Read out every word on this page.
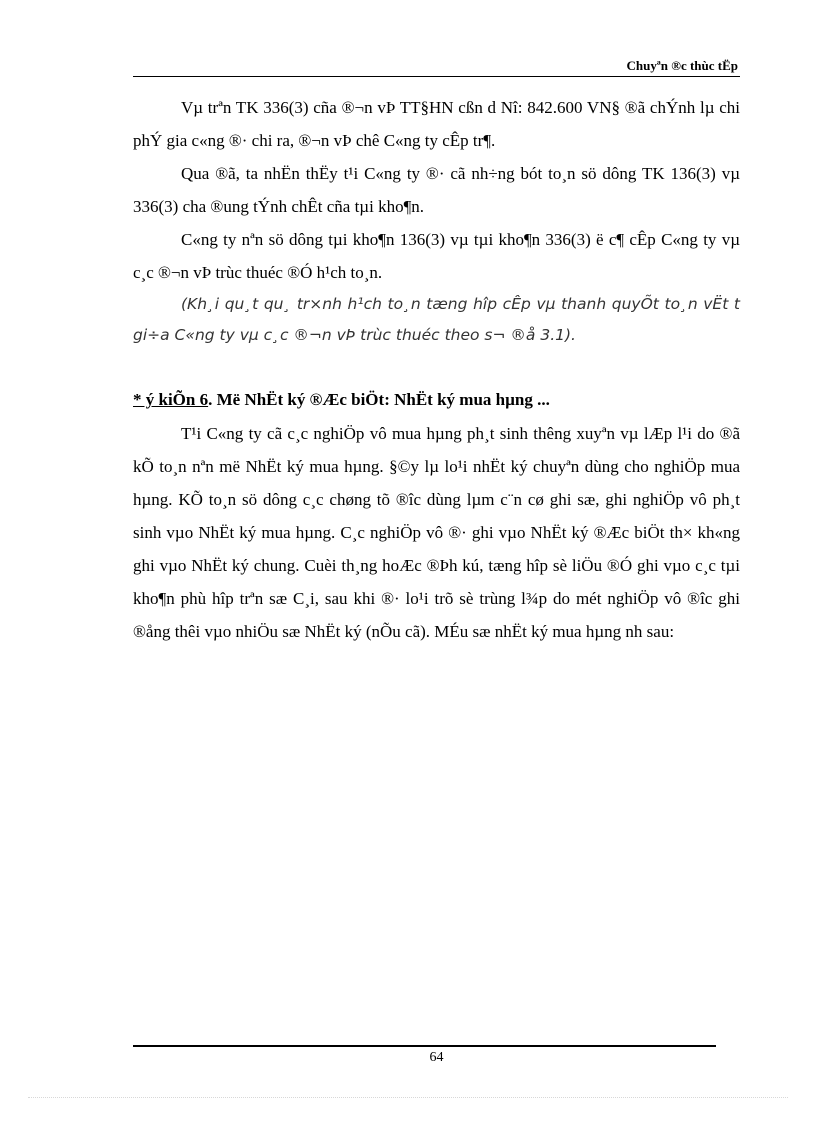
Chuyªn ®c thùc tËp

Vµ trªn TK 336(3) cña ®¬n vÞ TT§HN cßn d Nî: 842.600 VN§ ®ã chÝnh lµ chi phÝ gia c«ng ®· chi ra, ®¬n vÞ chê C«ng ty cÊp tr¶.

Qua ®ã, ta nhËn thËy t¹i C«ng ty ®· cã nh÷ng bót to¸n sö dông TK 136(3) vµ 336(3) cha ®ung tÝnh chÊt cña tµi kho¶n.

C«ng ty nªn sö dông tµi kho¶n 136(3) vµ tµi kho¶n 336(3) ë c¶ cÊp C«ng ty vµ c¸c ®¬n vÞ trùc thuéc ®Ó h¹ch to¸n.

(Kh¸i qu¸t qu¸ tr×nh h¹ch to¸n tæng hîp cÊp vµ thanh quyÕt to¸n vËt t gi÷a C«ng ty vµ c¸c ®¬n vÞ trùc thuéc theo s¬ ®å 3.1).

* ý kiÕn 6. Më NhËt ký ®Æc biÖt: NhËt ký mua hµng ...

T¹i C«ng ty cã c¸c nghiÖp vô mua hµng ph¸t sinh thêng xuyªn vµ lÆp l¹i do ®ã kÕ to¸n nªn më NhËt ký mua hµng. §©y lµ lo¹i nhËt ký chuyªn dùng cho nghiÖp mua hµng. KÕ to¸n sö dông c¸c chøng tõ ®îc dùng lµm c¨n cø ghi sæ, ghi nghiÖp vô ph¸t sinh vµo NhËt ký mua hµng. C¸c nghiÖp vô ®· ghi vµo NhËt ký ®Æc biÖt th× kh«ng ghi vµo NhËt ký chung. Cuèi th¸ng hoÆc ®Þh kú, tæng hîp sè liÖu ®Ó ghi vµo c¸c tµi kho¶n phù hîp trªn sæ C¸i, sau khi ®· lo¹i trõ sè trùng l¾p do mét nghiÖp vô ®îc ghi ®ång thêi vµo nhiÖu sæ NhËt ký (nÕu cã). MÉu sæ nhËt ký mua hµng nh sau:

64
